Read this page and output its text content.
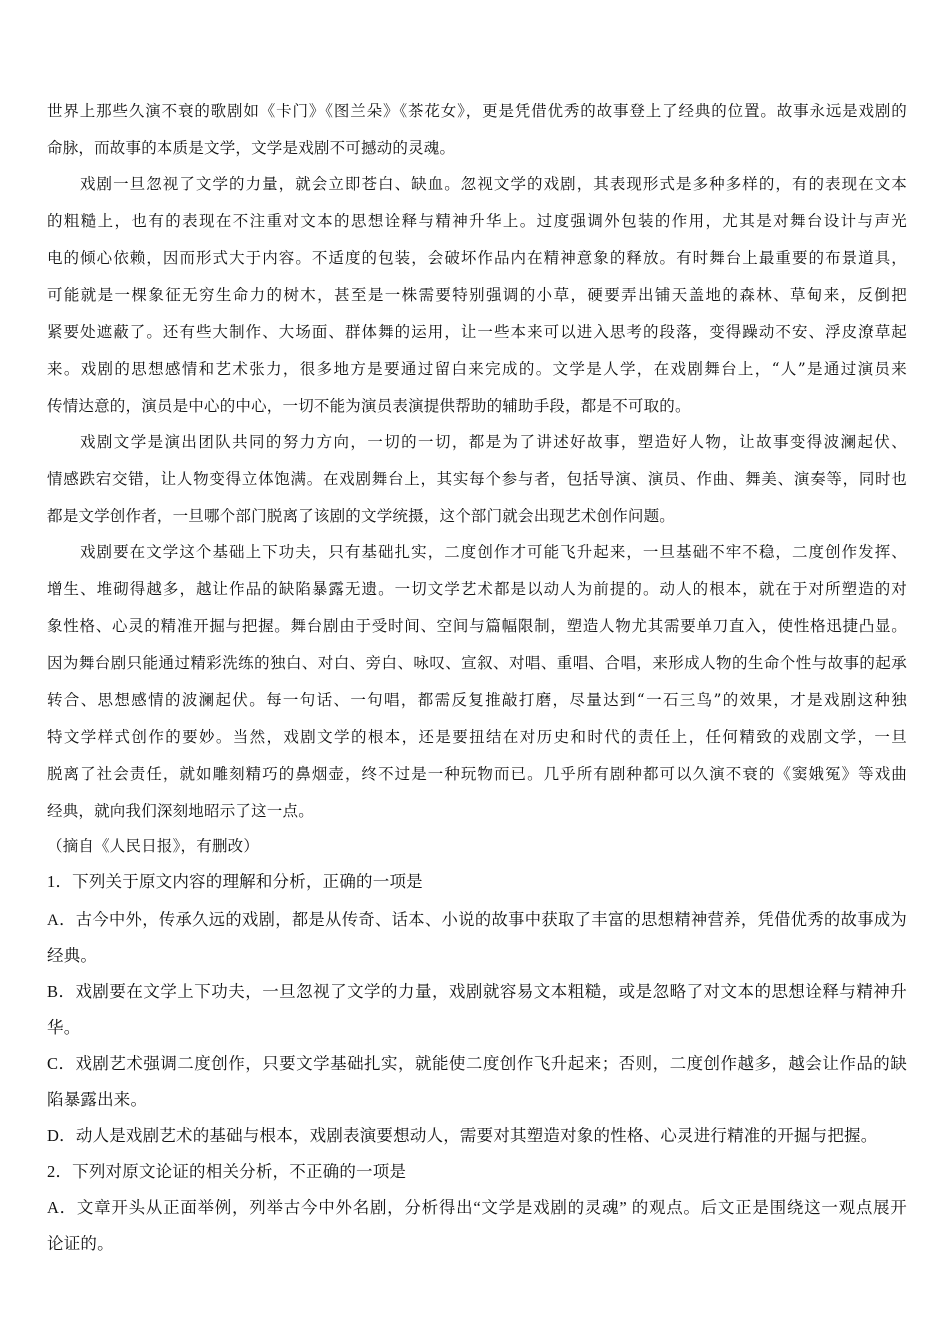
世界上那些久演不衰的歌剧如《卡门》《图兰朵》《茶花女》，更是凭借优秀的故事登上了经典的位置。故事永远是戏剧的
命脉，而故事的本质是文学，文学是戏剧不可撼动的灵魂。
戏剧一旦忽视了文学的力量，就会立即苍白、缺血。忽视文学的戏剧，其表现形式是多种多样的，有的表现在文本
的粗糙上，也有的表现在不注重对文本的思想诠释与精神升华上。过度强调外包装的作用，尤其是对舞台设计与声光
电的倾心依赖，因而形式大于内容。不适度的包装，会破坏作品内在精神意象的释放。有时舞台上最重要的布景道具，
可能就是一棵象征无穷生命力的树木，甚至是一株需要特别强调的小草，硬要弄出铺天盖地的森林、草甸来，反倒把
紧要处遮蔽了。还有些大制作、大场面、群体舞的运用，让一些本来可以进入思考的段落，变得躁动不安、浮皮潦草起
来。戏剧的思想感情和艺术张力，很多地方是要通过留白来完成的。文学是人学，在戏剧舞台上，“人”是通过演员来
传情达意的，演员是中心的中心，一切不能为演员表演提供帮助的辅助手段，都是不可取的。
戏剧文学是演出团队共同的努力方向，一切的一切，都是为了讲述好故事，塑造好人物，让故事变得波澜起伏、
情感跌宕交错，让人物变得立体饱满。在戏剧舞台上，其实每个参与者，包括导演、演员、作曲、舞美、演奏等，同时也
都是文学创作者，一旦哪个部门脱离了该剧的文学统摄，这个部门就会出现艺术创作问题。
戏剧要在文学这个基础上下功夫，只有基础扎实，二度创作才可能飞升起来，一旦基础不牢不稳，二度创作发挥、
增生、堆砌得越多，越让作品的缺陷暴露无遗。一切文学艺术都是以动人为前提的。动人的根本，就在于对所塑造的对
象性格、心灵的精准开掘与把握。舞台剧由于受时间、空间与篇幅限制，塑造人物尤其需要单刀直入，使性格迅捷凸显。
因为舞台剧只能通过精彩洗练的独白、对白、旁白、咏叹、宣叙、对唱、重唱、合唱，来形成人物的生命个性与故事的起承
转合、思想感情的波澜起伏。每一句话、一句唱，都需反复推敲打磨，尽量达到“一石三鸟”的效果，才是戏剧这种独
特文学样式创作的要妙。当然，戏剧文学的根本，还是要扭结在对历史和时代的责任上，任何精致的戏剧文学，一旦
脱离了社会责任，就如雕刻精巧的鼻烟壶，终不过是一种玩物而已。几乎所有剧种都可以久演不衰的《窦娥冤》等戏曲
经典，就向我们深刻地昭示了这一点。
（摘自《人民日报》，有删改）
1．下列关于原文内容的理解和分析，正确的一项是
A．古今中外，传承久远的戏剧，都是从传奇、话本、小说的故事中获取了丰富的思想精神营养，凭借优秀的故事成为
经典。
B．戏剧要在文学上下功夫，一旦忽视了文学的力量，戏剧就容易文本粗糙，或是忽略了对文本的思想诠释与精神升
华。
C．戏剧艺术强调二度创作，只要文学基础扎实，就能使二度创作飞升起来；否则，二度创作越多，越会让作品的缺
陷暴露出来。
D．动人是戏剧艺术的基础与根本，戏剧表演要想动人，需要对其塑造对象的性格、心灵进行精准的开掘与把握。
2．下列对原文论证的相关分析，不正确的一项是
A．文章开头从正面举例，列举古今中外名剧，分析得出“文学是戏剧的灵魂” 的观点。后文正是围绕这一观点展开
论证的。
